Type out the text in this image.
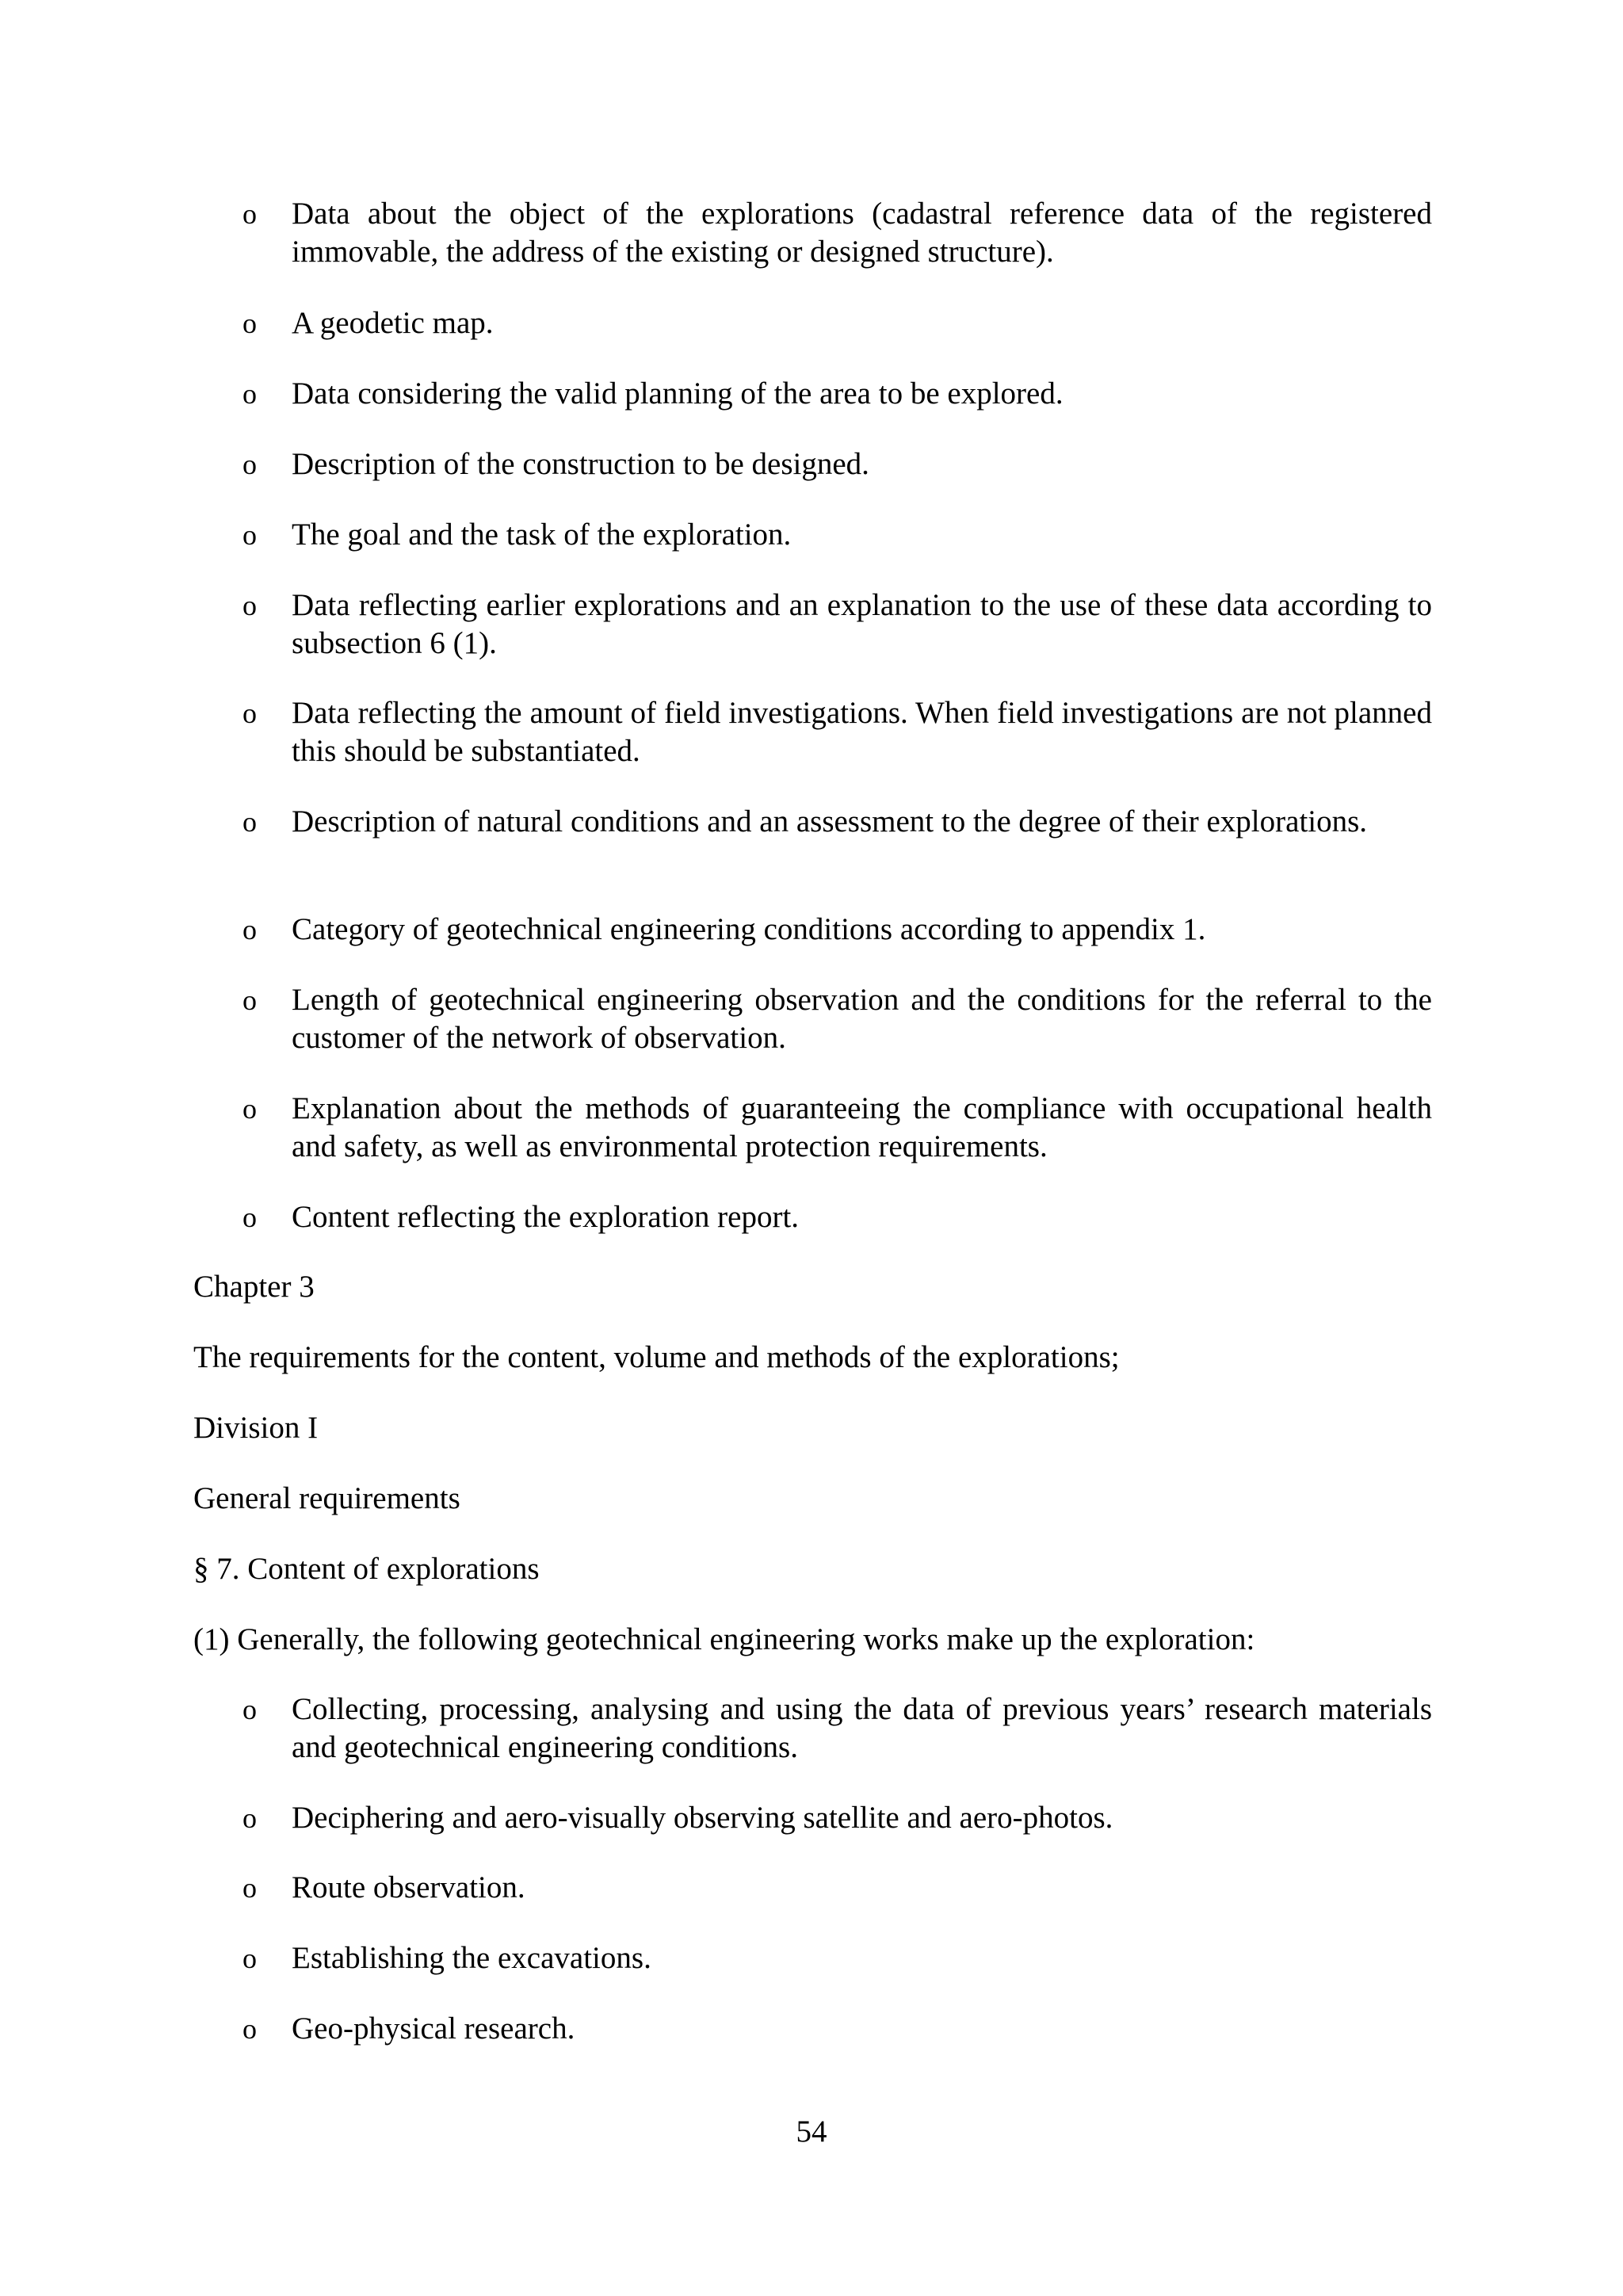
o	Data about the object of the explorations (cadastral reference data of the registered immovable, the address of the existing or designed structure).
o	A geodetic map.
o	Data considering the valid planning of the area to be explored.
o	Description of the construction to be designed.
o	The goal and the task of the exploration.
o	Data reflecting earlier explorations and an explanation to the use of these data according to subsection 6 (1).
o	Data reflecting the amount of field investigations. When field investigations are not planned this should be substantiated.
o	Description of natural conditions and an assessment to the degree of their explorations.
o	Category of geotechnical engineering conditions according to appendix 1.
o	Length of geotechnical engineering observation and the conditions for the referral to the customer of the network of observation.
o	Explanation about the methods of guaranteeing the compliance with occupational health and safety, as well as environmental protection requirements.
o	Content reflecting the exploration report.
Chapter 3
The requirements for the content, volume and methods of the explorations;
Division I
General requirements
§ 7. Content of explorations
(1) Generally, the following geotechnical engineering works make up the exploration:
o	Collecting, processing, analysing and using the data of previous years’ research materials and geotechnical engineering conditions.
o	Deciphering and aero-visually observing satellite and aero-photos.
o	Route observation.
o	Establishing the excavations.
o	Geo-physical research.
54
